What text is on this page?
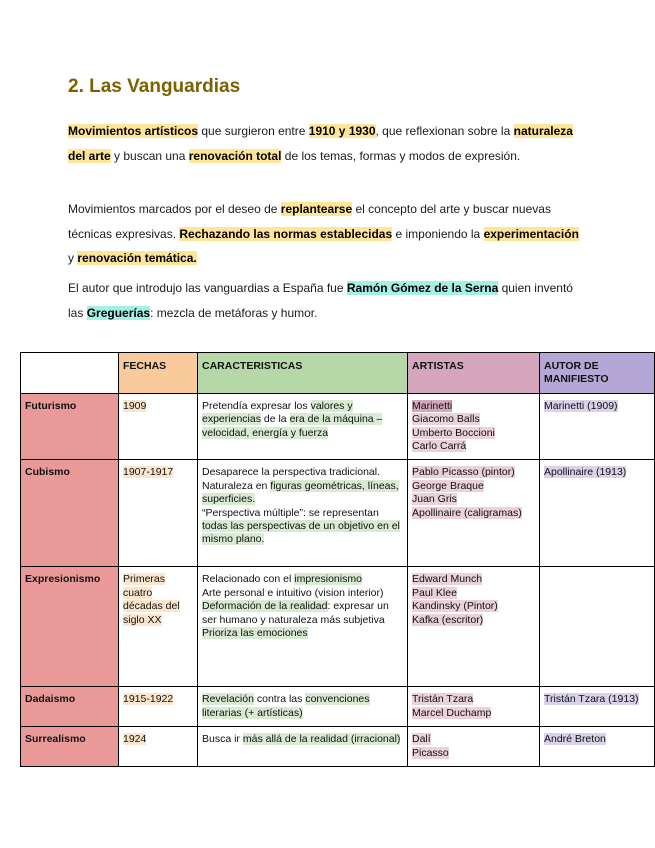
2. Las Vanguardias

Movimientos artísticos que surgieron entre 1910 y 1930, que reflexionan sobre la naturaleza del arte y buscan una renovación total de los temas, formas y modos de expresión.

Movimientos marcados por el deseo de replantearse el concepto del arte y buscar nuevas técnicas expresivas. Rechazando las normas establecidas e imponiendo la experimentación y renovación temática.

El autor que introdujo las vanguardias a España fue Ramón Gómez de la Serna quien inventó las Greguerías: mezcla de metáforas y humor.

	FECHAS	CARACTERISTICAS	ARTISTAS	AUTOR DE MANIFIESTO
Futurismo	1909	Pretendía expresar los valores y experiencias de la era de la máquina – velocidad, energía y fuerza	Marinetti
Giacomo Balls
Umberto Boccioni
Carlo Carrá	Marinetti (1909)
Cubismo	1907-1917	Desaparece la perspectiva tradicional.
Naturaleza en figuras geométricas, líneas, superficies.
“Perspectiva múltiple”: se representan todas las perspectivas de un objetivo en el mismo plano.	Pablo Picasso (pintor)
George Braque
Juan Gris
Apollinaire (caligramas)	Apollinaire (1913)
Expresionismo	Primeras cuatro décadas del siglo XX	Relacionado con el impresionismo
Arte personal e intuitivo (vision interior)
Deformación de la realidad: expresar un ser humano y naturaleza más subjetiva
Prioriza las emociones	Edward Munch
Paul Klee
Kandinsky (Pintor)
Kafka (escritor)	

Dadaismo	1915-1922	Revelación contra las convenciones literarias (+ artísticas)	Tristán Tzara
Marcel Duchamp	Tristán Tzara (1913)
Surrealismo	1924	Busca ir más allá de la realidad (irracional)	Dalí
Picasso	André Breton
